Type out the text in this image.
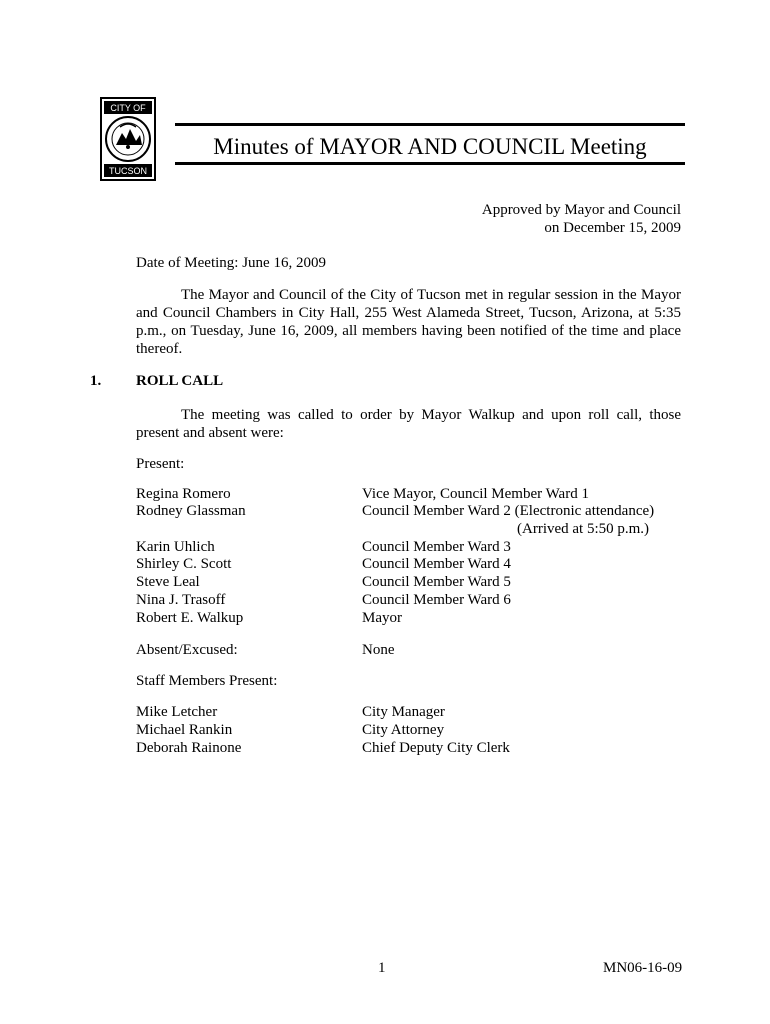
CITY OF
TUCSON
Minutes of MAYOR AND COUNCIL Meeting
Approved by Mayor and Council
on December 15, 2009
Date of Meeting: June 16, 2009
The Mayor and Council of the City of Tucson met in regular session in the Mayor and Council Chambers in City Hall, 255 West Alameda Street, Tucson, Arizona, at 5:35 p.m., on Tuesday, June 16, 2009, all members having been notified of the time and place thereof.
1. ROLL CALL
The meeting was called to order by Mayor Walkup and upon roll call, those present and absent were:
Present:
Regina Romero	Vice Mayor, Council Member Ward 1
Rodney Glassman	Council Member Ward 2 (Electronic attendance)
(Arrived at 5:50 p.m.)
Karin Uhlich	Council Member Ward 3
Shirley C. Scott	Council Member Ward 4
Steve Leal	Council Member Ward 5
Nina J. Trasoff	Council Member Ward 6
Robert E. Walkup	Mayor
Absent/Excused:	None
Staff Members Present:
Mike Letcher	City Manager
Michael Rankin	City Attorney
Deborah Rainone	Chief Deputy City Clerk
1	MN06-16-09
